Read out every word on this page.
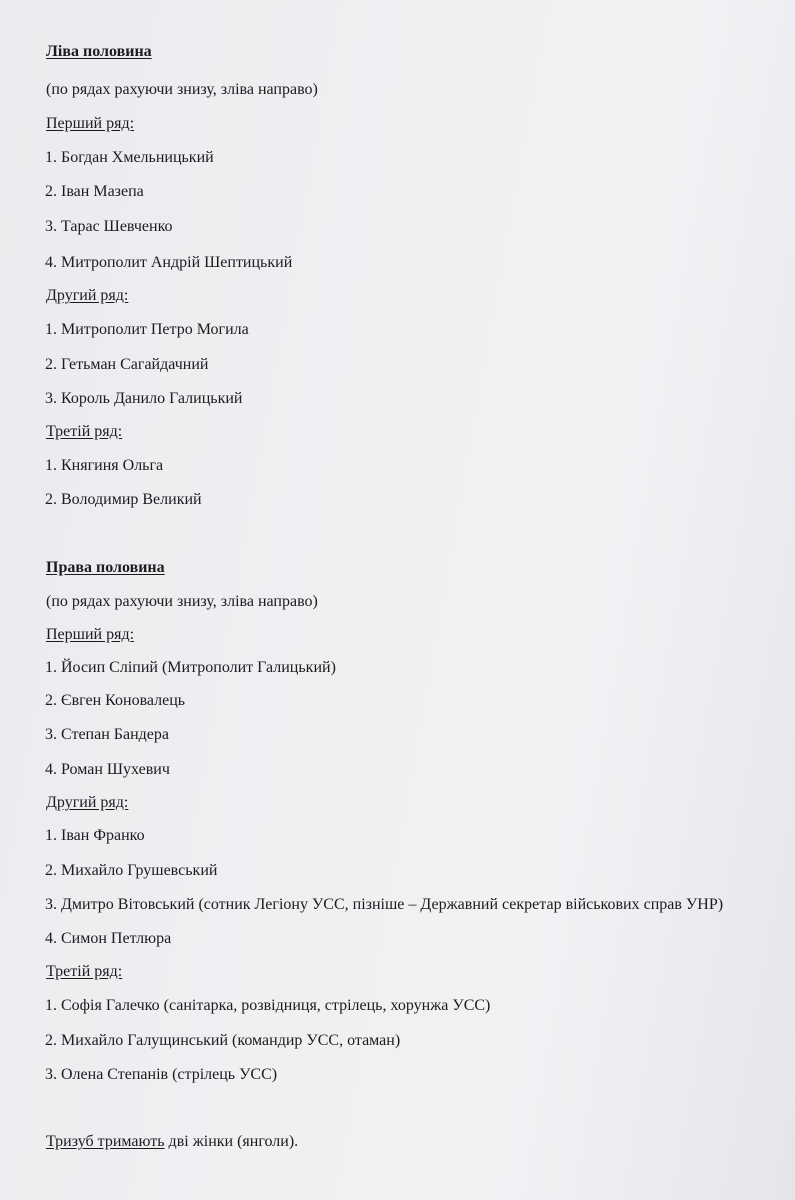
Ліва половина
(по рядах рахуючи знизу, зліва направо)
Перший ряд:
1. Богдан Хмельницький
2. Іван Мазепа
3. Тарас Шевченко
4. Митрополит Андрій Шептицький
Другий ряд:
1. Митрополит Петро Могила
2. Гетьман Сагайдачний
3. Король Данило Галицький
Третій ряд:
1. Княгиня Ольга
2. Володимир Великий
Права половина
(по рядах рахуючи знизу, зліва направо)
Перший ряд:
1. Йосип Сліпий (Митрополит Галицький)
2. Євген Коновалець
3. Степан Бандера
4. Роман Шухевич
Другий ряд:
1. Іван Франко
2. Михайло Грушевський
3. Дмитро Вітовський (сотник Легіону УСС, пізніше – Державний секретар військових справ УНР)
4. Симон Петлюра
Третій ряд:
1. Софія Галечко (санітарка, розвідниця, стрілець, хорунжа УСС)
2. Михайло Галущинський (командир УСС, отаман)
3. Олена Степанів (стрілець УСС)
Тризуб тримають дві жінки (янголи).
